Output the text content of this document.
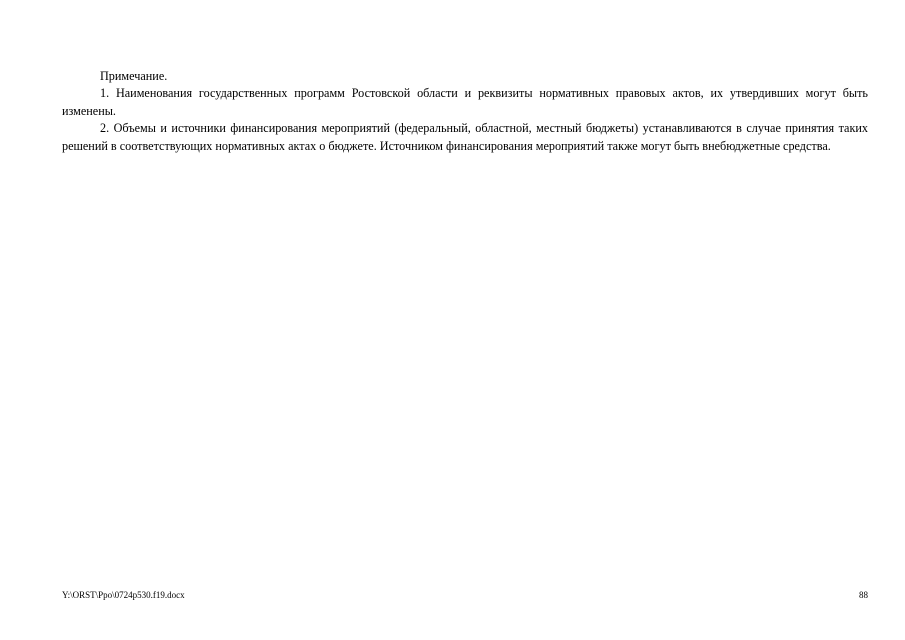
Примечание.

1. Наименования государственных программ Ростовской области и реквизиты нормативных правовых актов, их утвердивших могут быть изменены.

2. Объемы и источники финансирования мероприятий (федеральный, областной, местный бюджеты) устанавливаются в случае принятия таких решений в соответствующих нормативных актах о бюджете. Источником финансирования мероприятий также могут быть внебюджетные средства.

Y:\ORST\Ppo\0724p530.f19.docx	88
